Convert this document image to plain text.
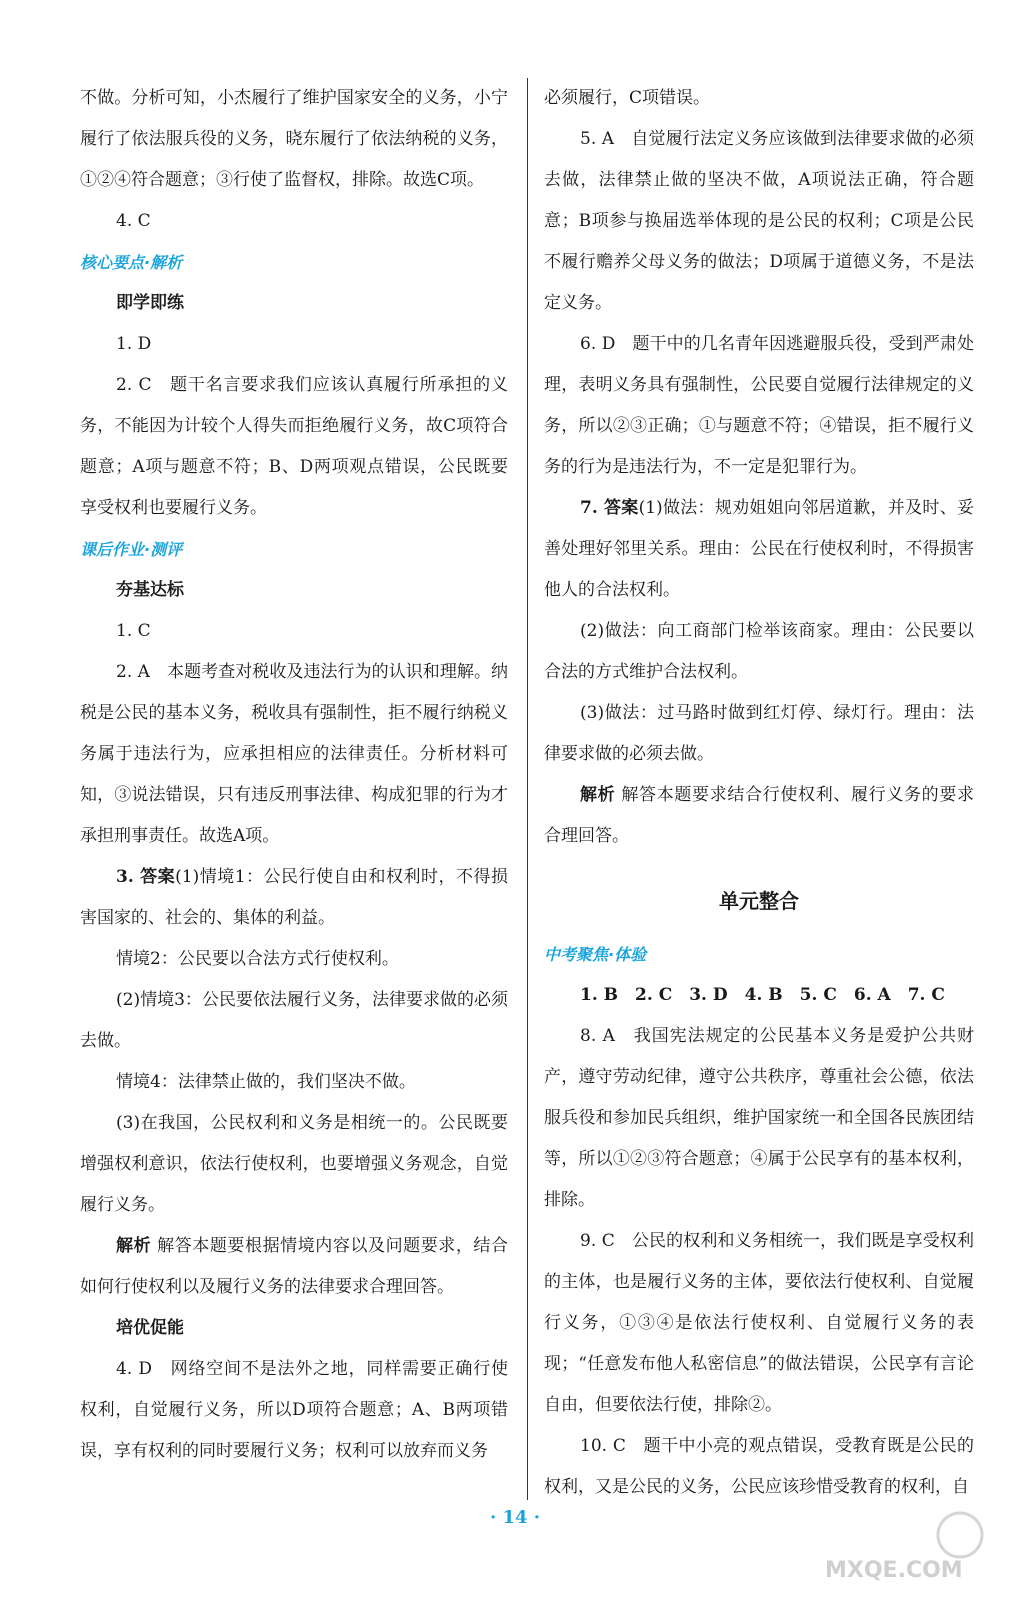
不做。分析可知，小杰履行了维护国家安全的义务，小宁履行了依法服兵役的义务，晓东履行了依法纳税的义务，①②④符合题意；③行使了监督权，排除。故选C项。

4. C

核心要点·解析

即学即练

1. D

2. C　题干名言要求我们应该认真履行所承担的义务，不能因为计较个人得失而拒绝履行义务，故C项符合题意；A项与题意不符；B、D两项观点错误，公民既要享受权利也要履行义务。

课后作业·测评

夯基达标

1. C

2. A　本题考查对税收及违法行为的认识和理解。纳税是公民的基本义务，税收具有强制性，拒不履行纳税义务属于违法行为，应承担相应的法律责任。分析材料可知，③说法错误，只有违反刑事法律、构成犯罪的行为才承担刑事责任。故选A项。

3. 答案(1)情境1：公民行使自由和权利时，不得损害国家的、社会的、集体的利益。

情境2：公民要以合法方式行使权利。

(2)情境3：公民要依法履行义务，法律要求做的必须去做。

情境4：法律禁止做的，我们坚决不做。

(3)在我国，公民权利和义务是相统一的。公民既要增强权利意识，依法行使权利，也要增强义务观念，自觉履行义务。

解析 解答本题要根据情境内容以及问题要求，结合如何行使权利以及履行义务的法律要求合理回答。

培优促能

4. D　网络空间不是法外之地，同样需要正确行使权利，自觉履行义务，所以D项符合题意；A、B两项错误，享有权利的同时要履行义务；权利可以放弃而义务

必须履行，C项错误。

5. A　自觉履行法定义务应该做到法律要求做的必须去做，法律禁止做的坚决不做，A项说法正确，符合题意；B项参与换届选举体现的是公民的权利；C项是公民不履行赡养父母义务的做法；D项属于道德义务，不是法定义务。

6. D　题干中的几名青年因逃避服兵役，受到严肃处理，表明义务具有强制性，公民要自觉履行法律规定的义务，所以②③正确；①与题意不符；④错误，拒不履行义务的行为是违法行为，不一定是犯罪行为。

7. 答案(1)做法：规劝姐姐向邻居道歉，并及时、妥善处理好邻里关系。理由：公民在行使权利时，不得损害他人的合法权利。

(2)做法：向工商部门检举该商家。理由：公民要以合法的方式维护合法权利。

(3)做法：过马路时做到红灯停、绿灯行。理由：法律要求做的必须去做。

解析 解答本题要求结合行使权利、履行义务的要求合理回答。

单元整合

中考聚焦·体验

1. B　2. C　3. D　4. B　5. C　6. A　7. C

8. A　我国宪法规定的公民基本义务是爱护公共财产，遵守劳动纪律，遵守公共秩序，尊重社会公德，依法服兵役和参加民兵组织，维护国家统一和全国各民族团结等，所以①②③符合题意；④属于公民享有的基本权利，排除。

9. C　公民的权利和义务相统一，我们既是享受权利的主体，也是履行义务的主体，要依法行使权利、自觉履行义务，①③④是依法行使权利、自觉履行义务的表现；“任意发布他人私密信息”的做法错误，公民享有言论自由，但要依法行使，排除②。

10. C　题干中小亮的观点错误，受教育既是公民的权利，又是公民的义务，公民应该珍惜受教育的权利，自

· 14 ·
MXQE.COM
